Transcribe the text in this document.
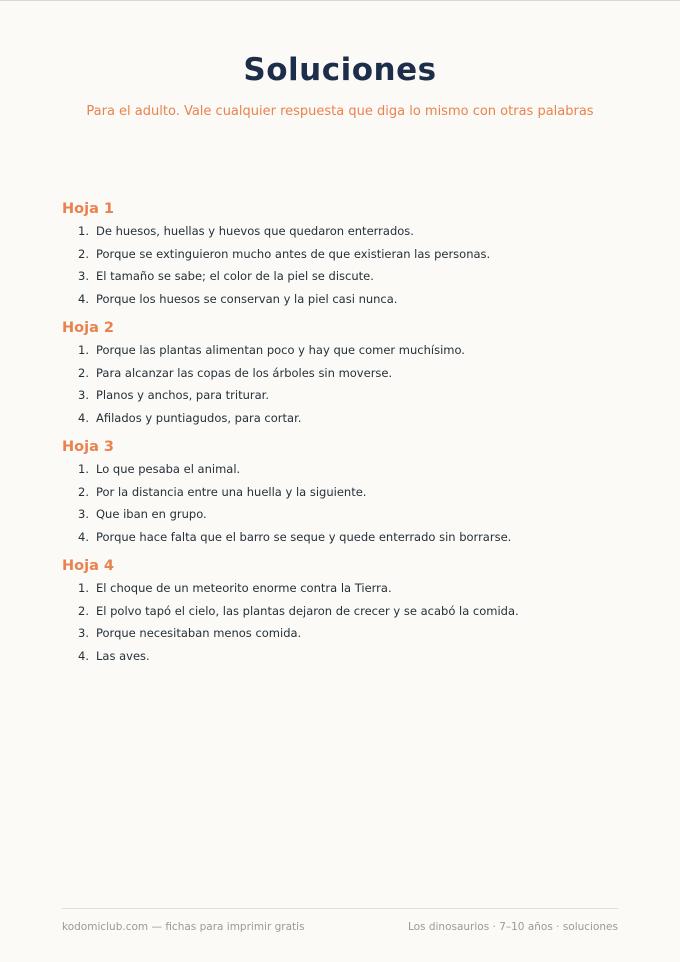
Soluciones
Para el adulto. Vale cualquier respuesta que diga lo mismo con otras palabras
Hoja 1
1. De huesos, huellas y huevos que quedaron enterrados.
2. Porque se extinguieron mucho antes de que existieran las personas.
3. El tamaño se sabe; el color de la piel se discute.
4. Porque los huesos se conservan y la piel casi nunca.
Hoja 2
1. Porque las plantas alimentan poco y hay que comer muchísimo.
2. Para alcanzar las copas de los árboles sin moverse.
3. Planos y anchos, para triturar.
4. Afilados y puntiagudos, para cortar.
Hoja 3
1. Lo que pesaba el animal.
2. Por la distancia entre una huella y la siguiente.
3. Que iban en grupo.
4. Porque hace falta que el barro se seque y quede enterrado sin borrarse.
Hoja 4
1. El choque de un meteorito enorme contra la Tierra.
2. El polvo tapó el cielo, las plantas dejaron de crecer y se acabó la comida.
3. Porque necesitaban menos comida.
4. Las aves.
kodomiclub.com — fichas para imprimir gratis	Los dinosaurios · 7–10 años · soluciones
